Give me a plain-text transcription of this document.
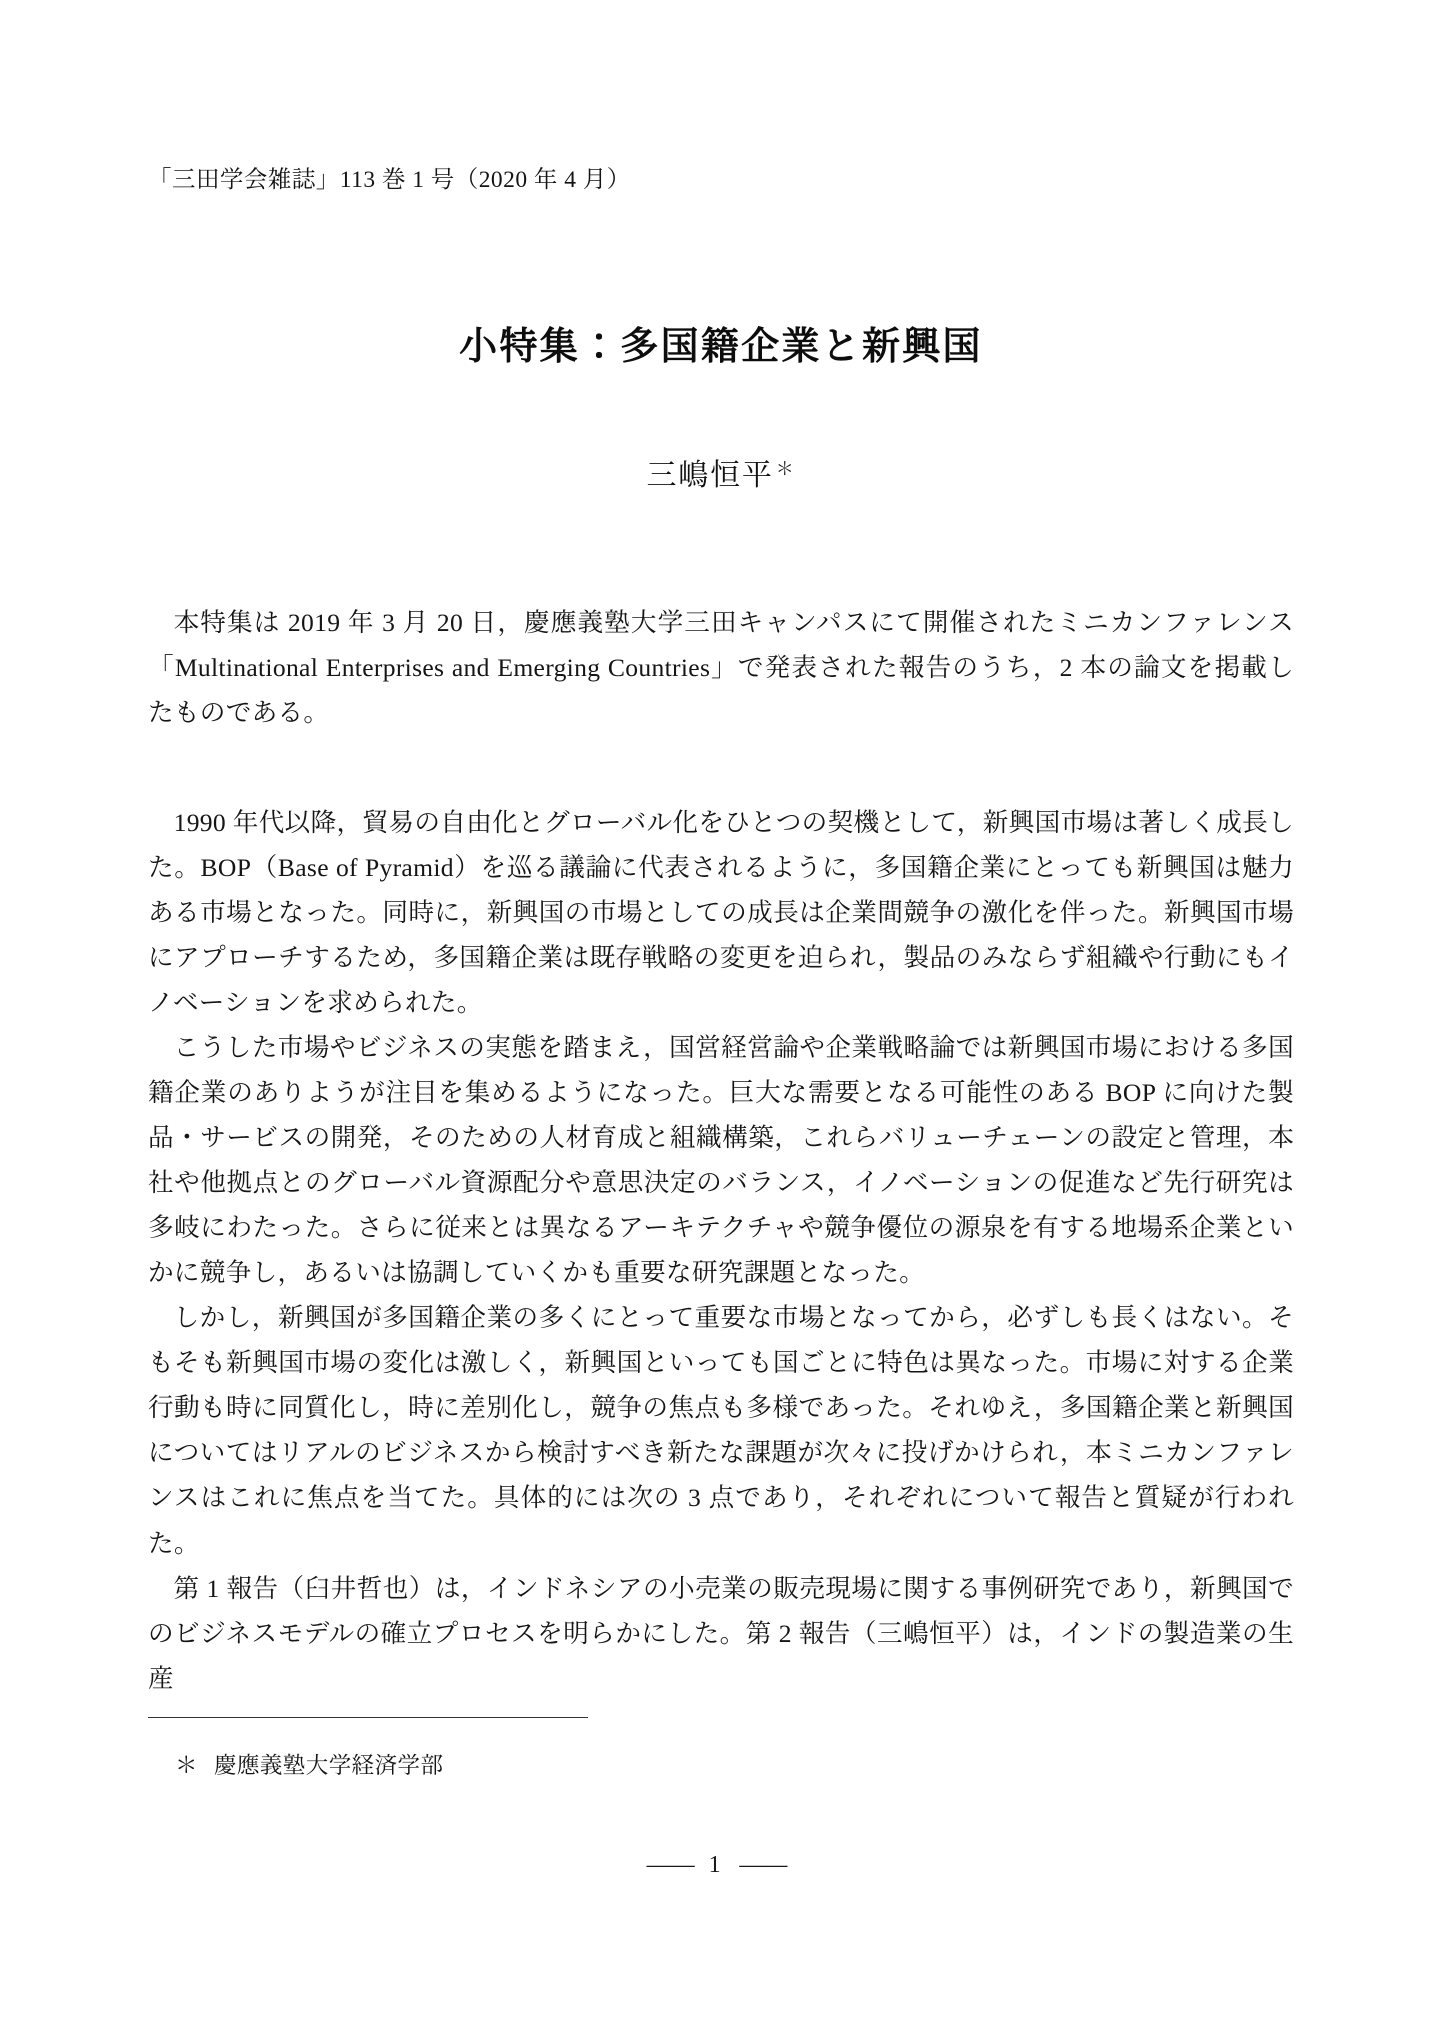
「三田学会雑誌」113 巻 1 号（2020 年 4 月）
小特集：多国籍企業と新興国
三嶋恒平 ＊

本特集は 2019 年 3 月 20 日，慶應義塾大学三田キャンパスにて開催されたミニカンファレンス「Multinational Enterprises and Emerging Countries」で発表された報告のうち，2 本の論文を掲載したものである。

1990 年代以降，貿易の自由化とグローバル化をひとつの契機として，新興国市場は著しく成長した。BOP（Base of Pyramid）を巡る議論に代表されるように，多国籍企業にとっても新興国は魅力ある市場となった。同時に，新興国の市場としての成長は企業間競争の激化を伴った。新興国市場にアプローチするため，多国籍企業は既存戦略の変更を迫られ，製品のみならず組織や行動にもイノベーションを求められた。

こうした市場やビジネスの実態を踏まえ，国営経営論や企業戦略論では新興国市場における多国籍企業のありようが注目を集めるようになった。巨大な需要となる可能性のある BOP に向けた製品・サービスの開発，そのための人材育成と組織構築，これらバリューチェーンの設定と管理，本社や他拠点とのグローバル資源配分や意思決定のバランス，イノベーションの促進など先行研究は多岐にわたった。さらに従来とは異なるアーキテクチャや競争優位の源泉を有する地場系企業といかに競争し，あるいは協調していくかも重要な研究課題となった。

しかし，新興国が多国籍企業の多くにとって重要な市場となってから，必ずしも長くはない。そもそも新興国市場の変化は激しく，新興国といっても国ごとに特色は異なった。市場に対する企業行動も時に同質化し，時に差別化し，競争の焦点も多様であった。それゆえ，多国籍企業と新興国についてはリアルのビジネスから検討すべき新たな課題が次々に投げかけられ，本ミニカンファレンスはこれに焦点を当てた。具体的には次の 3 点であり，それぞれについて報告と質疑が行われた。

第 1 報告（臼井哲也）は，インドネシアの小売業の販売現場に関する事例研究であり，新興国でのビジネスモデルの確立プロセスを明らかにした。第 2 報告（三嶋恒平）は，インドの製造業の生産

＊ 慶應義塾大学経済学部
—— 1 ——
